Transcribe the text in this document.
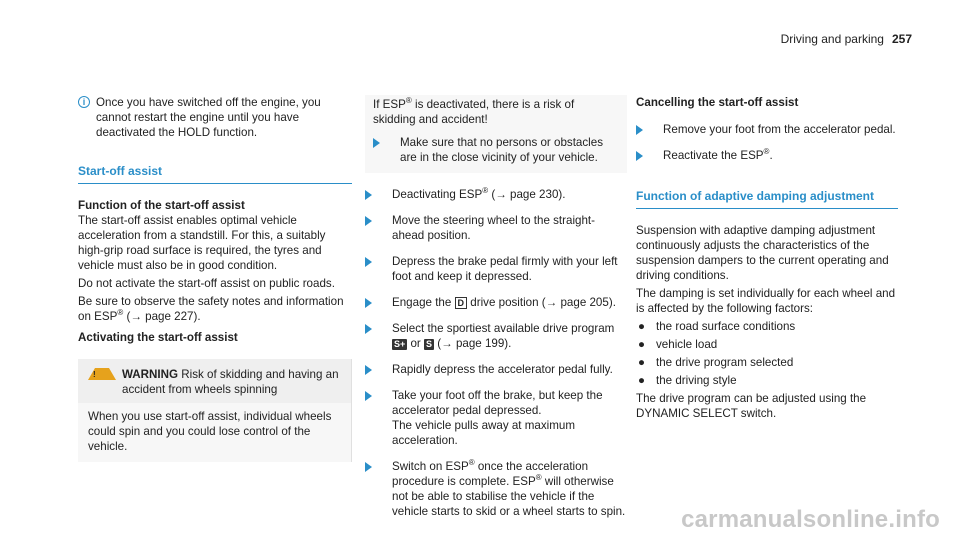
Driving and parking 257
i Once you have switched off the engine, you cannot restart the engine until you have deactivated the HOLD function.

Start-off assist

Function of the start-off assist

The start-off assist enables optimal vehicle acceleration from a standstill. For this, a suitably high-grip road surface is required, the tyres and vehicle must also be in good condition.

Do not activate the start-off assist on public roads.

Be sure to observe the safety notes and information on ESP® (→ page 227).

Activating the start-off assist

! WARNING Risk of skidding and having an accident from wheels spinning

When you use start-off assist, individual wheels could spin and you could lose control of the vehicle.

If ESP® is deactivated, there is a risk of skidding and accident!

Make sure that no persons or obstacles are in the close vicinity of your vehicle.

Deactivating ESP® (→ page 230).

Move the steering wheel to the straight-ahead position.

Depress the brake pedal firmly with your left foot and keep it depressed.

Engage the D drive position (→ page 205).

Select the sportiest available drive program S+ or S (→ page 199).

Rapidly depress the accelerator pedal fully.

Take your foot off the brake, but keep the accelerator pedal depressed.

The vehicle pulls away at maximum acceleration.

Switch on ESP® once the acceleration procedure is complete. ESP® will otherwise not be able to stabilise the vehicle if the vehicle starts to skid or a wheel starts to spin.

Cancelling the start-off assist

Remove your foot from the accelerator pedal.

Reactivate the ESP®.

Function of adaptive damping adjustment

Suspension with adaptive damping adjustment continuously adjusts the characteristics of the suspension dampers to the current operating and driving conditions.

The damping is set individually for each wheel and is affected by the following factors:

● the road surface conditions
● vehicle load
● the drive program selected
● the driving style

The drive program can be adjusted using the DYNAMIC SELECT switch.

carmanualsonline.info
